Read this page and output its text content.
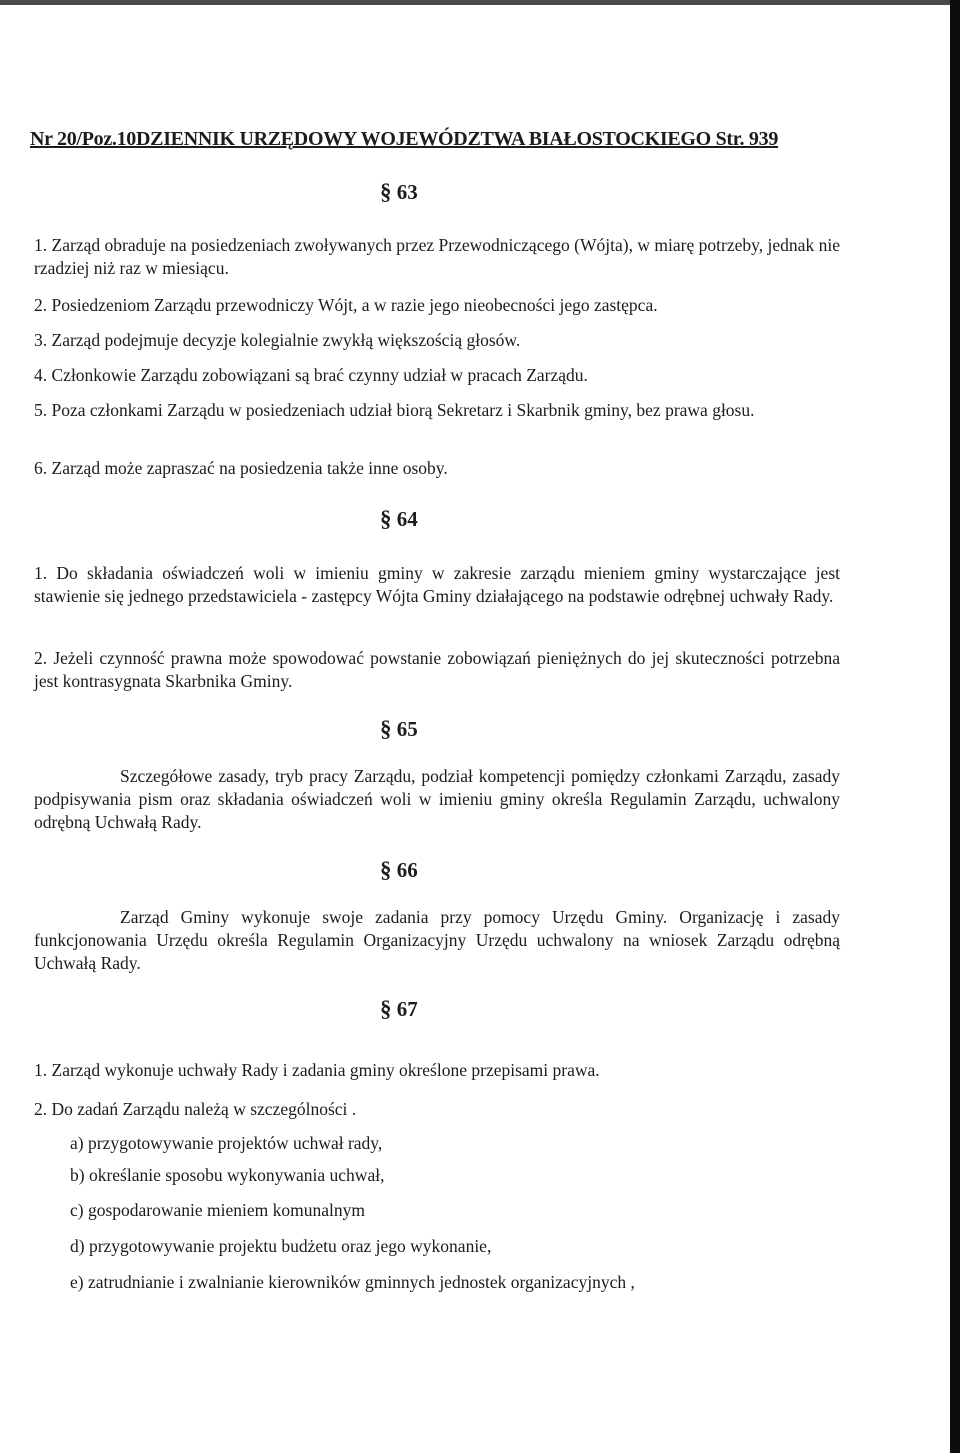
Nr 20/Poz.10DZIENNIK URZĘDOWY WOJEWÓDZTWA BIAŁOSTOCKIEGO Str. 939
§ 63
1. Zarząd obraduje na posiedzeniach zwoływanych przez Przewodniczącego (Wójta), w miarę potrzeby, jednak nie rzadziej niż raz w miesiącu.
2. Posiedzeniom Zarządu przewodniczy Wójt, a w razie jego nieobecności jego zastępca.
3. Zarząd podejmuje decyzje kolegialnie zwykłą większością głosów.
4. Członkowie Zarządu zobowiązani są brać czynny udział w pracach Zarządu.
5. Poza członkami Zarządu w posiedzeniach udział biorą Sekretarz i Skarbnik gminy, bez prawa głosu.
6. Zarząd może zapraszać na posiedzenia także inne osoby.
§ 64
1. Do składania oświadczeń woli w imieniu gminy w zakresie zarządu mieniem gminy wystarczające jest stawienie się jednego przedstawiciela - zastępcy Wójta Gminy działającego na podstawie odrębnej uchwały Rady.
2. Jeżeli czynność prawna może spowodować powstanie zobowiązań pieniężnych do jej skuteczności potrzebna jest kontrasygnata Skarbnika Gminy.
§ 65
Szczegółowe zasady, tryb pracy Zarządu, podział kompetencji pomiędzy członkami Zarządu, zasady podpisywania pism oraz składania oświadczeń woli w imieniu gminy określa Regulamin Zarządu, uchwalony odrębną Uchwałą Rady.
§ 66
Zarząd Gminy wykonuje swoje zadania przy pomocy Urzędu Gminy. Organizację i zasady funkcjonowania Urzędu określa Regulamin Organizacyjny Urzędu uchwalony na wniosek Zarządu odrębną Uchwałą Rady.
§ 67
1. Zarząd wykonuje uchwały Rady i zadania gminy określone przepisami prawa.
2. Do zadań Zarządu należą w szczególności .
a) przygotowywanie projektów uchwał rady,
b) określanie sposobu wykonywania uchwał,
c) gospodarowanie mieniem komunalnym
d) przygotowywanie projektu budżetu oraz jego wykonanie,
e) zatrudnianie i zwalnianie kierowników gminnych jednostek organizacyjnych ,
